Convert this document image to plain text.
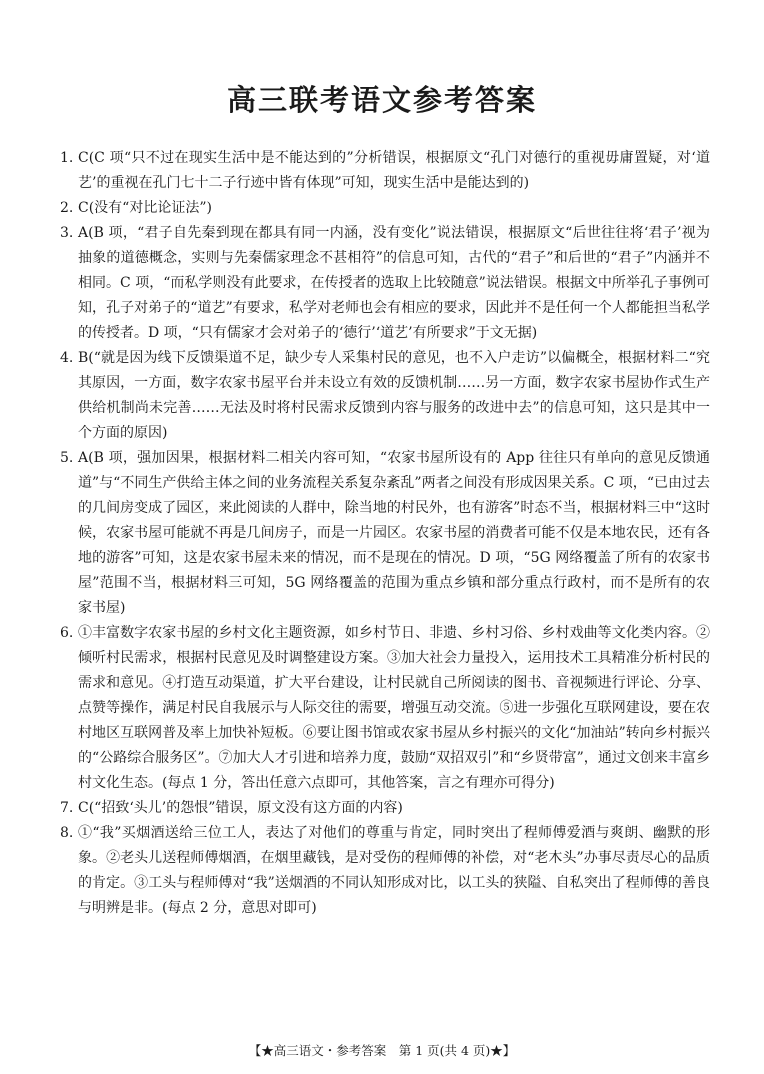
高三联考语文参考答案
1. C(C 项“只不过在现实生活中是不能达到的”分析错误，根据原文“孔门对德行的重视毋庸置疑，对‘道艺’的重视在孔门七十二子行迹中皆有体现”可知，现实生活中是能达到的)
2. C(没有“对比论证法”)
3. A(B 项，“君子自先秦到现在都具有同一内涵，没有变化”说法错误，根据原文“后世往往将‘君子’视为抽象的道德概念，实则与先秦儒家理念不甚相符”的信息可知，古代的“君子”和后世的“君子”内涵并不相同。C 项，“而私学则没有此要求，在传授者的选取上比较随意”说法错误。根据文中所举孔子事例可知，孔子对弟子的“道艺”有要求，私学对老师也会有相应的要求，因此并不是任何一个人都能担当私学的传授者。D 项，“只有儒家才会对弟子的‘德行’‘道艺’有所要求”于文无据)
4. B(“就是因为线下反馈渠道不足，缺少专人采集村民的意见，也不入户走访”以偏概全，根据材料二“究其原因，一方面，数字农家书屋平台并未设立有效的反馈机制……另一方面，数字农家书屋协作式生产供给机制尚未完善……无法及时将村民需求反馈到内容与服务的改进中去”的信息可知，这只是其中一个方面的原因)
5. A(B 项，强加因果，根据材料二相关内容可知，“农家书屋所设有的 App 往往只有单向的意见反馈通道”与“不同生产供给主体之间的业务流程关系复杂紊乱”两者之间没有形成因果关系。C 项，“已由过去的几间房变成了园区，来此阅读的人群中，除当地的村民外，也有游客”时态不当，根据材料三中“这时候，农家书屋可能就不再是几间房子，而是一片园区。农家书屋的消费者可能不仅是本地农民，还有各地的游客”可知，这是农家书屋未来的情况，而不是现在的情况。D 项，“5G 网络覆盖了所有的农家书屋”范围不当，根据材料三可知，5G 网络覆盖的范围为重点乡镇和部分重点行政村，而不是所有的农家书屋)
6. ①丰富数字农家书屋的乡村文化主题资源，如乡村节日、非遗、乡村习俗、乡村戏曲等文化类内容。②倾听村民需求，根据村民意见及时调整建设方案。③加大社会力量投入，运用技术工具精准分析村民的需求和意见。④打造互动渠道，扩大平台建设，让村民就自己所阅读的图书、音视频进行评论、分享、点赞等操作，满足村民自我展示与人际交往的需要，增强互动交流。⑤进一步强化互联网建设，要在农村地区互联网普及率上加快补短板。⑥要让图书馆或农家书屋从乡村振兴的文化“加油站”转向乡村振兴的“公路综合服务区”。⑦加大人才引进和培养力度，鼓励“双招双引”和“乡贤带富”，通过文创来丰富乡村文化生态。(每点 1 分，答出任意六点即可，其他答案，言之有理亦可得分)
7. C(“招致‘头儿’的怨恨”错误，原文没有这方面的内容)
8. ①“我”买烟酒送给三位工人，表达了对他们的尊重与肯定，同时突出了程师傅爱酒与爽朗、幽默的形象。②老头儿送程师傅烟酒，在烟里藏钱，是对受伤的程师傅的补偿，对“老木头”办事尽责尽心的品质的肯定。③工头与程师傅对“我”送烟酒的不同认知形成对比，以工头的狭隘、自私突出了程师傅的善良与明辨是非。(每点 2 分，意思对即可)
【★高三语文・参考答案　第 1 页(共 4 页)★】
